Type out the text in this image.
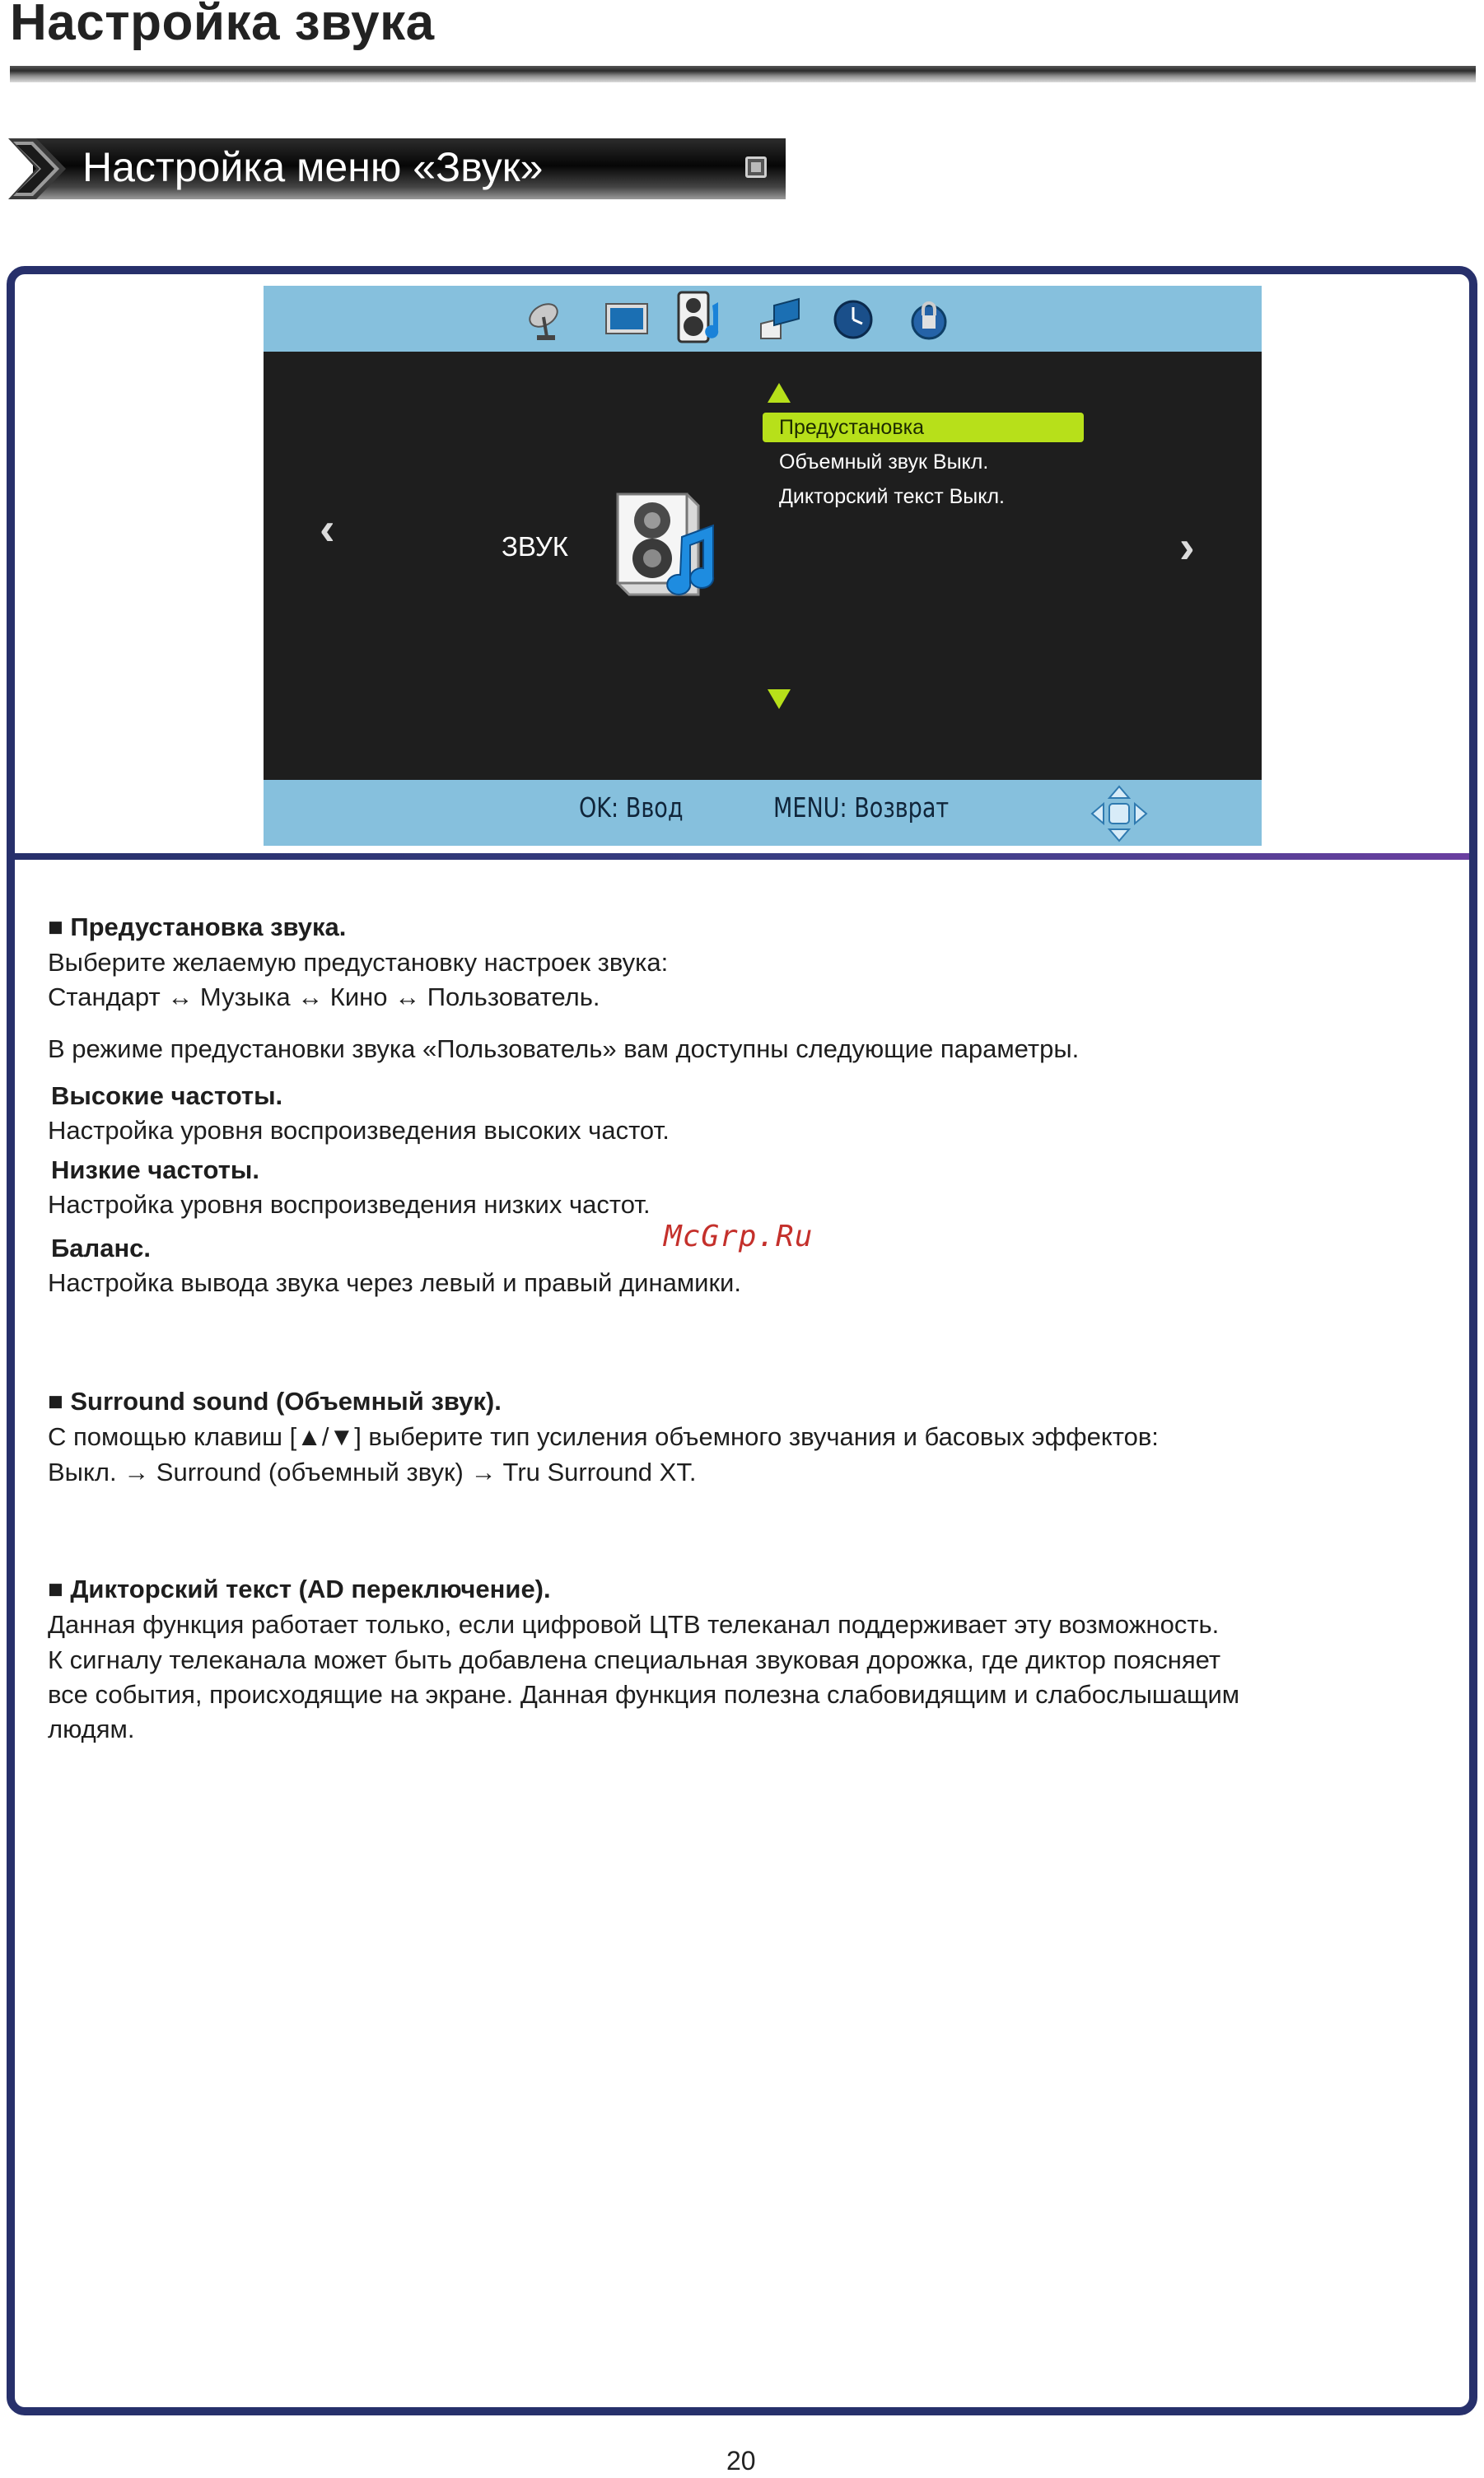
Настройка звука
Настройка меню «Звук»
‹	›
ЗВУК
Предустановка
Объемный звук Выкл.
Дикторский текст Выкл.
OK: Ввод	MENU: Возврат
■ Предустановка звука.
Выберите желаемую предустановку настроек звука:
Стандарт ↔ Музыка ↔ Кино ↔ Пользователь.
В режиме предустановки звука «Пользователь» вам доступны следующие параметры.
Высокие частоты.
Настройка уровня воспроизведения высоких частот.
Низкие частоты.
Настройка уровня воспроизведения низких частот.
Баланс.
Настройка вывода звука через левый и правый динамики.
McGrp.Ru
■ Surround sound (Объемный звук).
С помощью клавиш [▲/▼] выберите тип усиления объемного звучания и басовых эффектов:
Выкл. → Surround (объемный звук) → Tru Surround XT.
■ Дикторский текст (AD переключение).
Данная функция работает только, если цифровой ЦТВ телеканал поддерживает эту возможность.
К сигналу телеканала может быть добавлена специальная звуковая дорожка, где диктор поясняет
все события, происходящие на экране. Данная функция полезна слабовидящим и слабослышащим
людям.
20
